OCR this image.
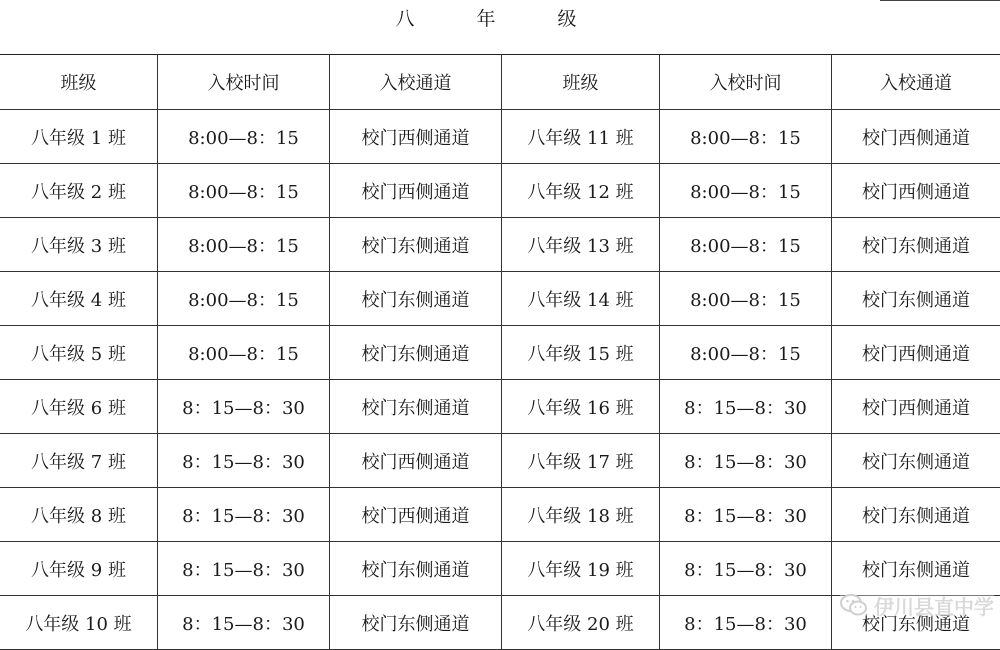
八 年 级
班级	入校时间	入校通道	班级	入校时间	入校通道
八年级 1 班	8:00—8：15	校门西侧通道	八年级 11 班	8:00—8：15	校门西侧通道
八年级 2 班	8:00—8：15	校门西侧通道	八年级 12 班	8:00—8：15	校门西侧通道
八年级 3 班	8:00—8：15	校门东侧通道	八年级 13 班	8:00—8：15	校门东侧通道
八年级 4 班	8:00—8：15	校门东侧通道	八年级 14 班	8:00—8：15	校门东侧通道
八年级 5 班	8:00—8：15	校门东侧通道	八年级 15 班	8:00—8：15	校门西侧通道
八年级 6 班	8：15—8：30	校门东侧通道	八年级 16 班	8：15—8：30	校门西侧通道
八年级 7 班	8：15—8：30	校门西侧通道	八年级 17 班	8：15—8：30	校门东侧通道
八年级 8 班	8：15—8：30	校门西侧通道	八年级 18 班	8：15—8：30	校门东侧通道
八年级 9 班	8：15—8：30	校门东侧通道	八年级 19 班	8：15—8：30	校门东侧通道
八年级 10 班	8：15—8：30	校门东侧通道	八年级 20 班	8：15—8：30	校门东侧通道
伊川县直中学
